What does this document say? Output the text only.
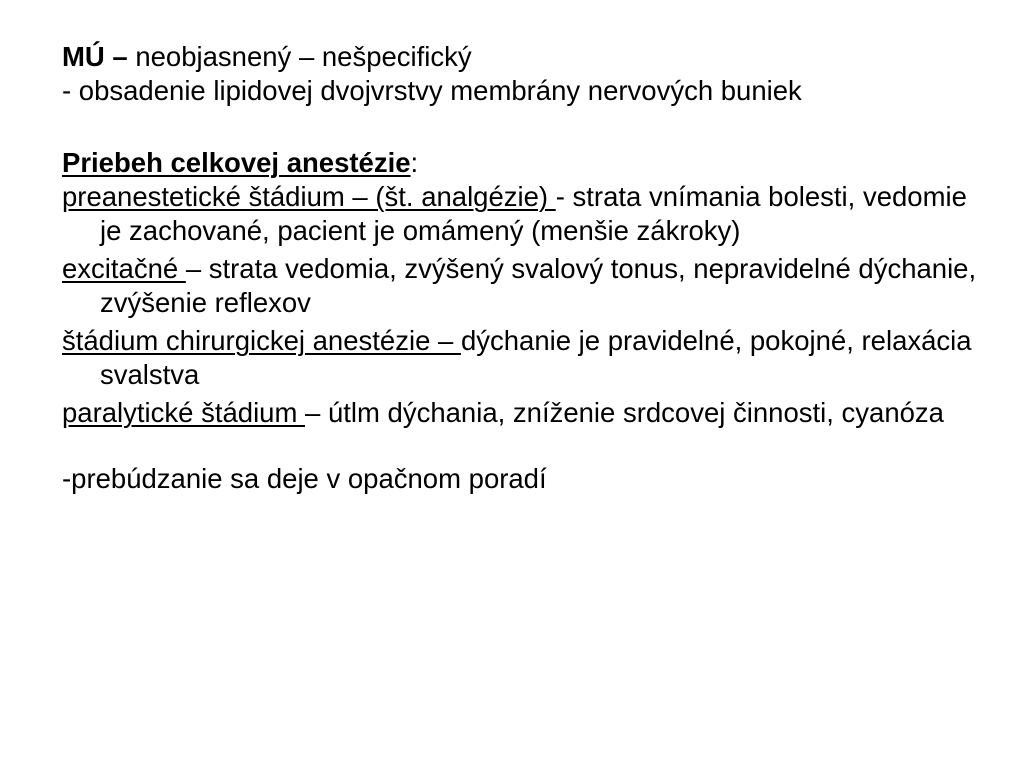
MÚ – neobjasnený – nešpecifický
- obsadenie lipidovej dvojvrstvy membrány nervových buniek
Priebeh celkovej anestézie:

preanestetické štádium – (št. analgézie) - strata vnímania bolesti, vedomie je zachované, pacient je omámený (menšie zákroky)

excitačné – strata vedomia, zvýšený svalový tonus, nepravidelné dýchanie, zvýšenie reflexov

štádium chirurgickej anestézie – dýchanie je pravidelné, pokojné, relaxácia svalstva

paralytické štádium – útlm dýchania, zníženie srdcovej činnosti, cyanóza

-prebúdzanie sa deje v opačnom poradí
